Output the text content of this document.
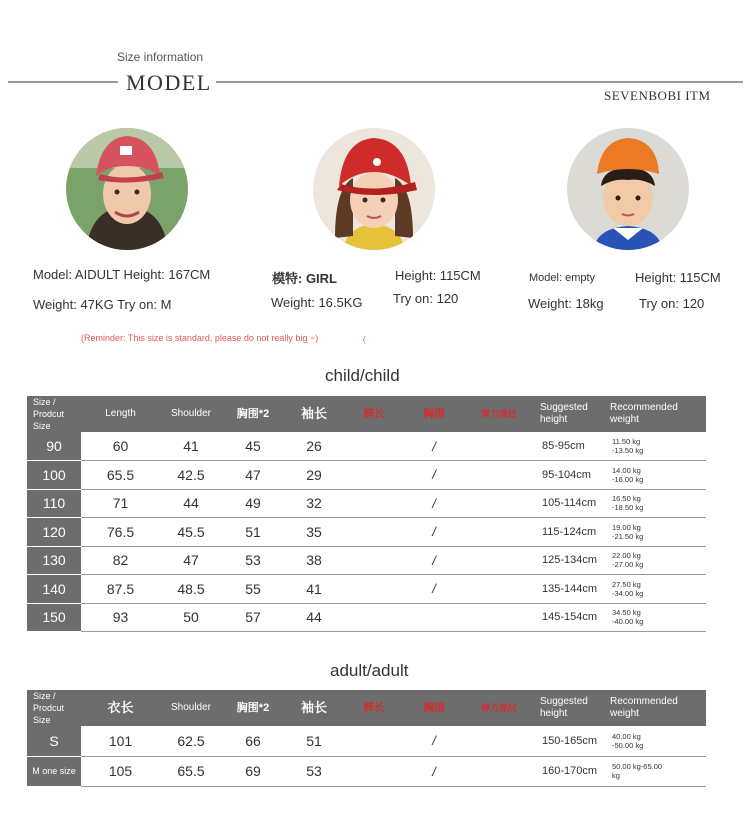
Size information
MODEL
SEVENBOBI ITM
Model: AIDULT Height: 167CM
Weight: 47KG Try on: M
模特: GIRL	Height: 115CM
Weight: 16.5KG Try on: 120
Model: empty	Height: 115CM
Weight: 18kg	Try on: 120
(Reminder: This size is standard, please do not really big ~)	(
child/child
Size / Prodcut Size	Length	Shoulder	胸围*2	袖长	裤长	胸围	弹力涤纹	Suggested height	Recommended weight
90	60	41	45	26		/		85-95cm	11.50 kg
-13.50 kg

100	65.5	42.5	47	29		/		95-104cm	14.00 kg
-16.00 kg

110	71	44	49	32		/		105-114cm	16.50 kg
-18.50 kg

120	76.5	45.5	51	35		/		115-124cm	19.00 kg
-21.50 kg

130	82	47	53	38		/		125-134cm	22.00 kg
-27.00 kg

140	87.5	48.5	55	41		/		135-144cm	27.50 kg
-34.00 kg

150	93	50	57	44				145-154cm	34.50 kg
-40.00 kg
adult/adult
Size / Prodcut Size	衣长	Shoulder	胸围*2	袖长	裤长	胸围	弹力涤纹	Suggested height	Recommended weight
S	101	62.5	66	51		/		150-165cm	40.00 kg
-50.00 kg

M one size	105	65.5	69	53		/		160-170cm	50.00 kg-65.00
kg
